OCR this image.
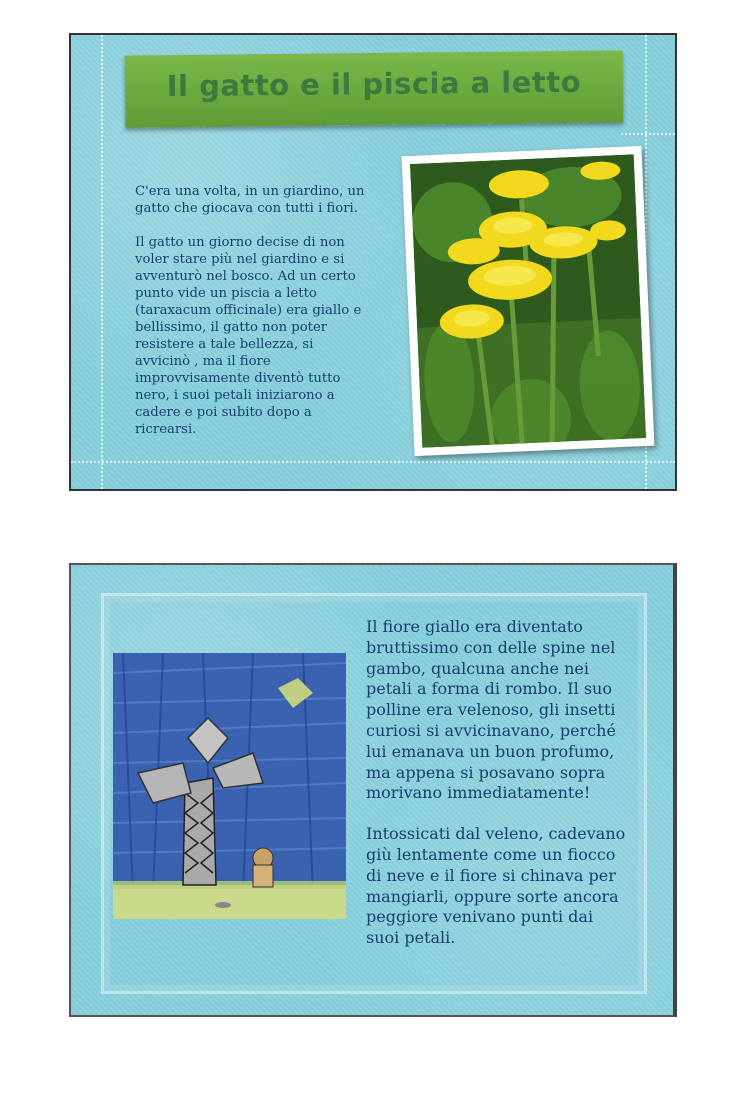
Il gatto e il piscia a letto

C'era una volta, in un giardino, un gatto che giocava con tutti i fiori.

Il gatto un giorno decise di non voler stare più nel giardino e si avventurò nel bosco. Ad un certo punto vide un piscia a letto (taraxacum officinale) era giallo e bellissimo, il gatto non poter resistere a tale bellezza, si avvicinò , ma il fiore improvvisamente diventò tutto nero, i suoi petali iniziarono a cadere e poi subito dopo a ricrearsi.

Il fiore giallo era diventato bruttissimo con delle spine nel gambo, qualcuna anche nei petali a forma di rombo. Il suo polline era velenoso, gli insetti curiosi si avvicinavano, perché lui emanava un buon profumo, ma appena si posavano sopra morivano immediatamente!

Intossicati dal veleno, cadevano giù lentamente come un fiocco di neve e il fiore si chinava per mangiarli, oppure sorte ancora peggiore venivano punti dai suoi petali.
